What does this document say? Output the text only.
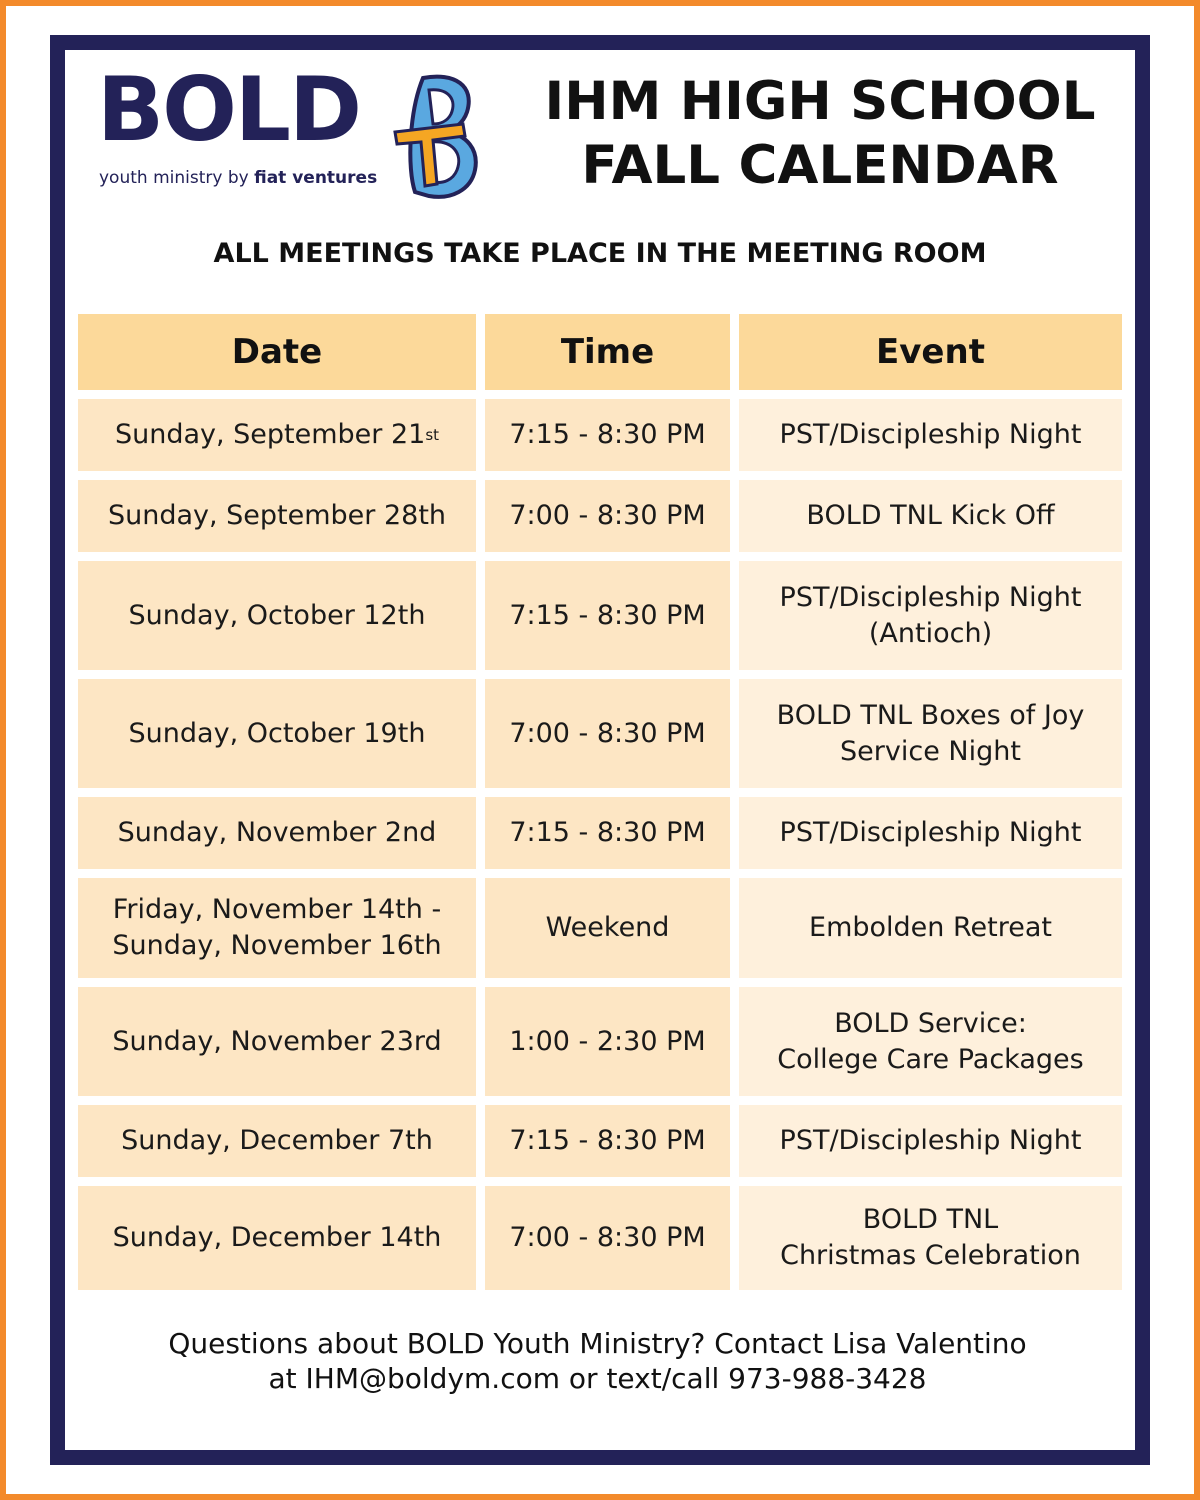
BOLD
youth ministry by fiat ventures
IHM HIGH SCHOOL
FALL CALENDAR
ALL MEETINGS TAKE PLACE IN THE MEETING ROOM
Date	Time	Event
Sunday, September 21 st	7:15 - 8:30 PM	PST/Discipleship Night
Sunday, September 28th 7:00 - 8:30 PM	BOLD TNL Kick Off
Sunday, October 12th	7:15 - 8:30 PM
PST/Discipleship Night
(Antioch)
Sunday, October 19th	7:00 - 8:30 PM
BOLD TNL Boxes of Joy
Service Night
Sunday, November 2nd	7:15 - 8:30 PM	PST/Discipleship Night
Friday, November 14th -
Sunday, November 16th
Weekend	Embolden Retreat
Sunday, November 23rd	1:00 - 2:30 PM
BOLD Service:
College Care Packages
Sunday, December 7th	7:15 - 8:30 PM	PST/Discipleship Night
Sunday, December 14th	7:00 - 8:30 PM
BOLD TNL
Christmas Celebration
Questions about BOLD Youth Ministry? Contact Lisa Valentino
at IHM@boldym.com or text/call 973-988-3428
